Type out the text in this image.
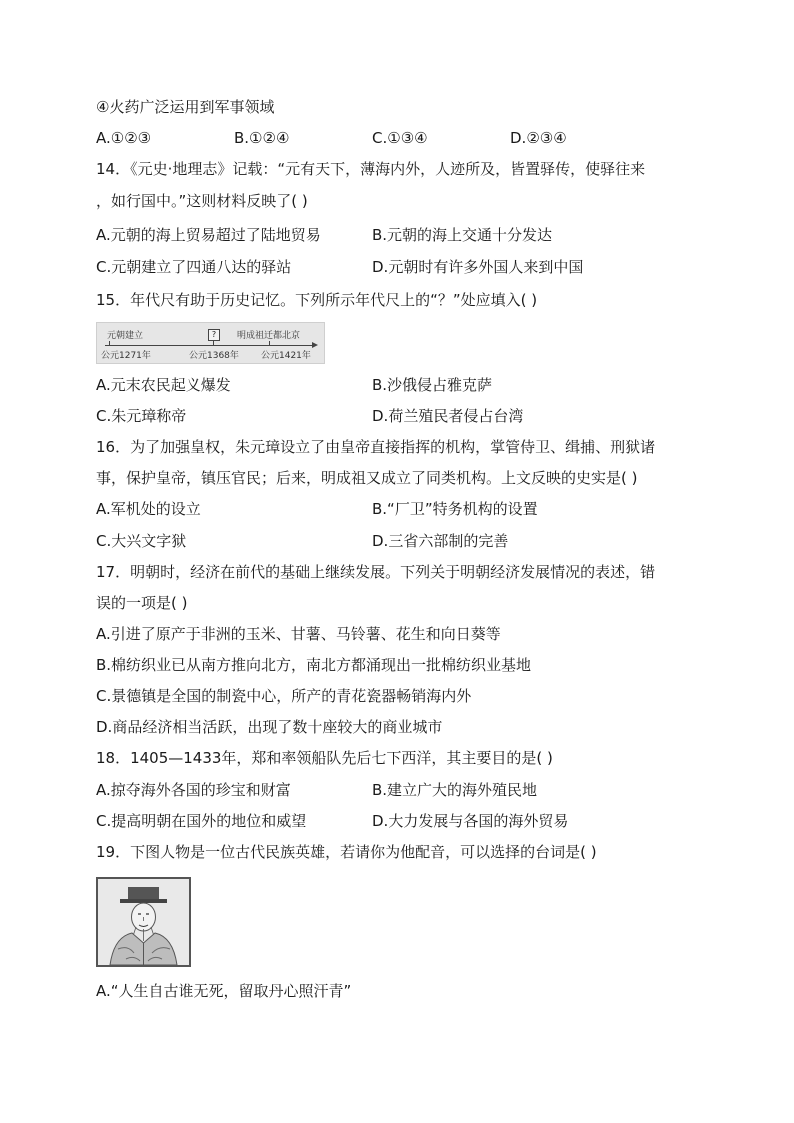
④火药广泛运用到军事领域
A.①②③	B.①②④	C.①③④	D.②③④
14．《元史·地理志》记载：“元有天下，薄海内外，人迹所及，皆置驿传，使驿往来
，如行国中。”这则材料反映了( )
A.元朝的海上贸易超过了陆地贸易	B.元朝的海上交通十分发达
C.元朝建立了四通八达的驿站	D.元朝时有许多外国人来到中国
15．年代尺有助于历史记忆。下列所示年代尺上的“？”处应填入( )
元朝建立	?	明成祖迁都北京
公元1271年	公元1368年 公元1421年
A.元末农民起义爆发	B.沙俄侵占雅克萨
C.朱元璋称帝	D.荷兰殖民者侵占台湾
16．为了加强皇权，朱元璋设立了由皇帝直接指挥的机构，掌管侍卫、缉捕、刑狱诸
事，保护皇帝，镇压官民；后来，明成祖又成立了同类机构。上文反映的史实是( )
A.军机处的设立	B.“厂卫”特务机构的设置
C.大兴文字狱	D.三省六部制的完善
17．明朝时，经济在前代的基础上继续发展。下列关于明朝经济发展情况的表述，错
误的一项是( )
A.引进了原产于非洲的玉米、甘薯、马铃薯、花生和向日葵等
B.棉纺织业已从南方推向北方，南北方都涌现出一批棉纺织业基地
C.景德镇是全国的制瓷中心，所产的青花瓷器畅销海内外
D.商品经济相当活跃，出现了数十座较大的商业城市
18．1405—1433年，郑和率领船队先后七下西洋，其主要目的是( )
A.掠夺海外各国的珍宝和财富	B.建立广大的海外殖民地
C.提高明朝在国外的地位和威望	D.大力发展与各国的海外贸易
19．下图人物是一位古代民族英雄，若请你为他配音，可以选择的台词是( )
A.“人生自古谁无死，留取丹心照汗青”
